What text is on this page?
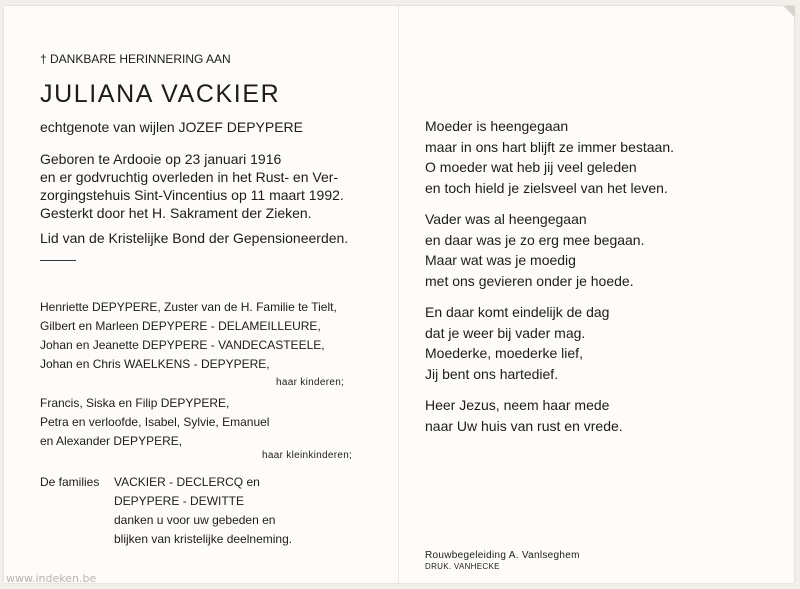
† DANKBARE HERINNERING AAN
JULIANA VACKIER
echtgenote van wijlen JOZEF DEPYPERE
Geboren te Ardooie op 23 januari 1916
en er godvruchtig overleden in het Rust- en Ver-
zorgingstehuis Sint-Vincentius op 11 maart 1992.
Gesterkt door het H. Sakrament der Zieken.
Lid van de Kristelijke Bond der Gepensioneerden.
Henriette DEPYPERE, Zuster van de H. Familie te Tielt,
Gilbert en Marleen DEPYPERE - DELAMEILLEURE,
Johan en Jeanette DEPYPERE - VANDECASTEELE,
Johan en Chris WAELKENS - DEPYPERE,
haar kinderen;
Francis, Siska en Filip DEPYPERE,
Petra en verloofde, Isabel, Sylvie, Emanuel
en Alexander DEPYPERE,
haar kleinkinderen;
De families VACKIER - DECLERCQ en
DEPYPERE - DEWITTE
danken u voor uw gebeden en
blijken van kristelijke deelneming.
Moeder is heengegaan
maar in ons hart blijft ze immer bestaan.
O moeder wat heb jij veel geleden
en toch hield je zielsveel van het leven.
Vader was al heengegaan
en daar was je zo erg mee begaan.
Maar wat was je moedig
met ons gevieren onder je hoede.
En daar komt eindelijk de dag
dat je weer bij vader mag.
Moederke, moederke lief,
Jij bent ons hartedief.
Heer Jezus, neem haar mede
naar Uw huis van rust en vrede.
Rouwbegeleiding A. Vanlseghem
DRUK. VANHECKE
www.indeken.be
